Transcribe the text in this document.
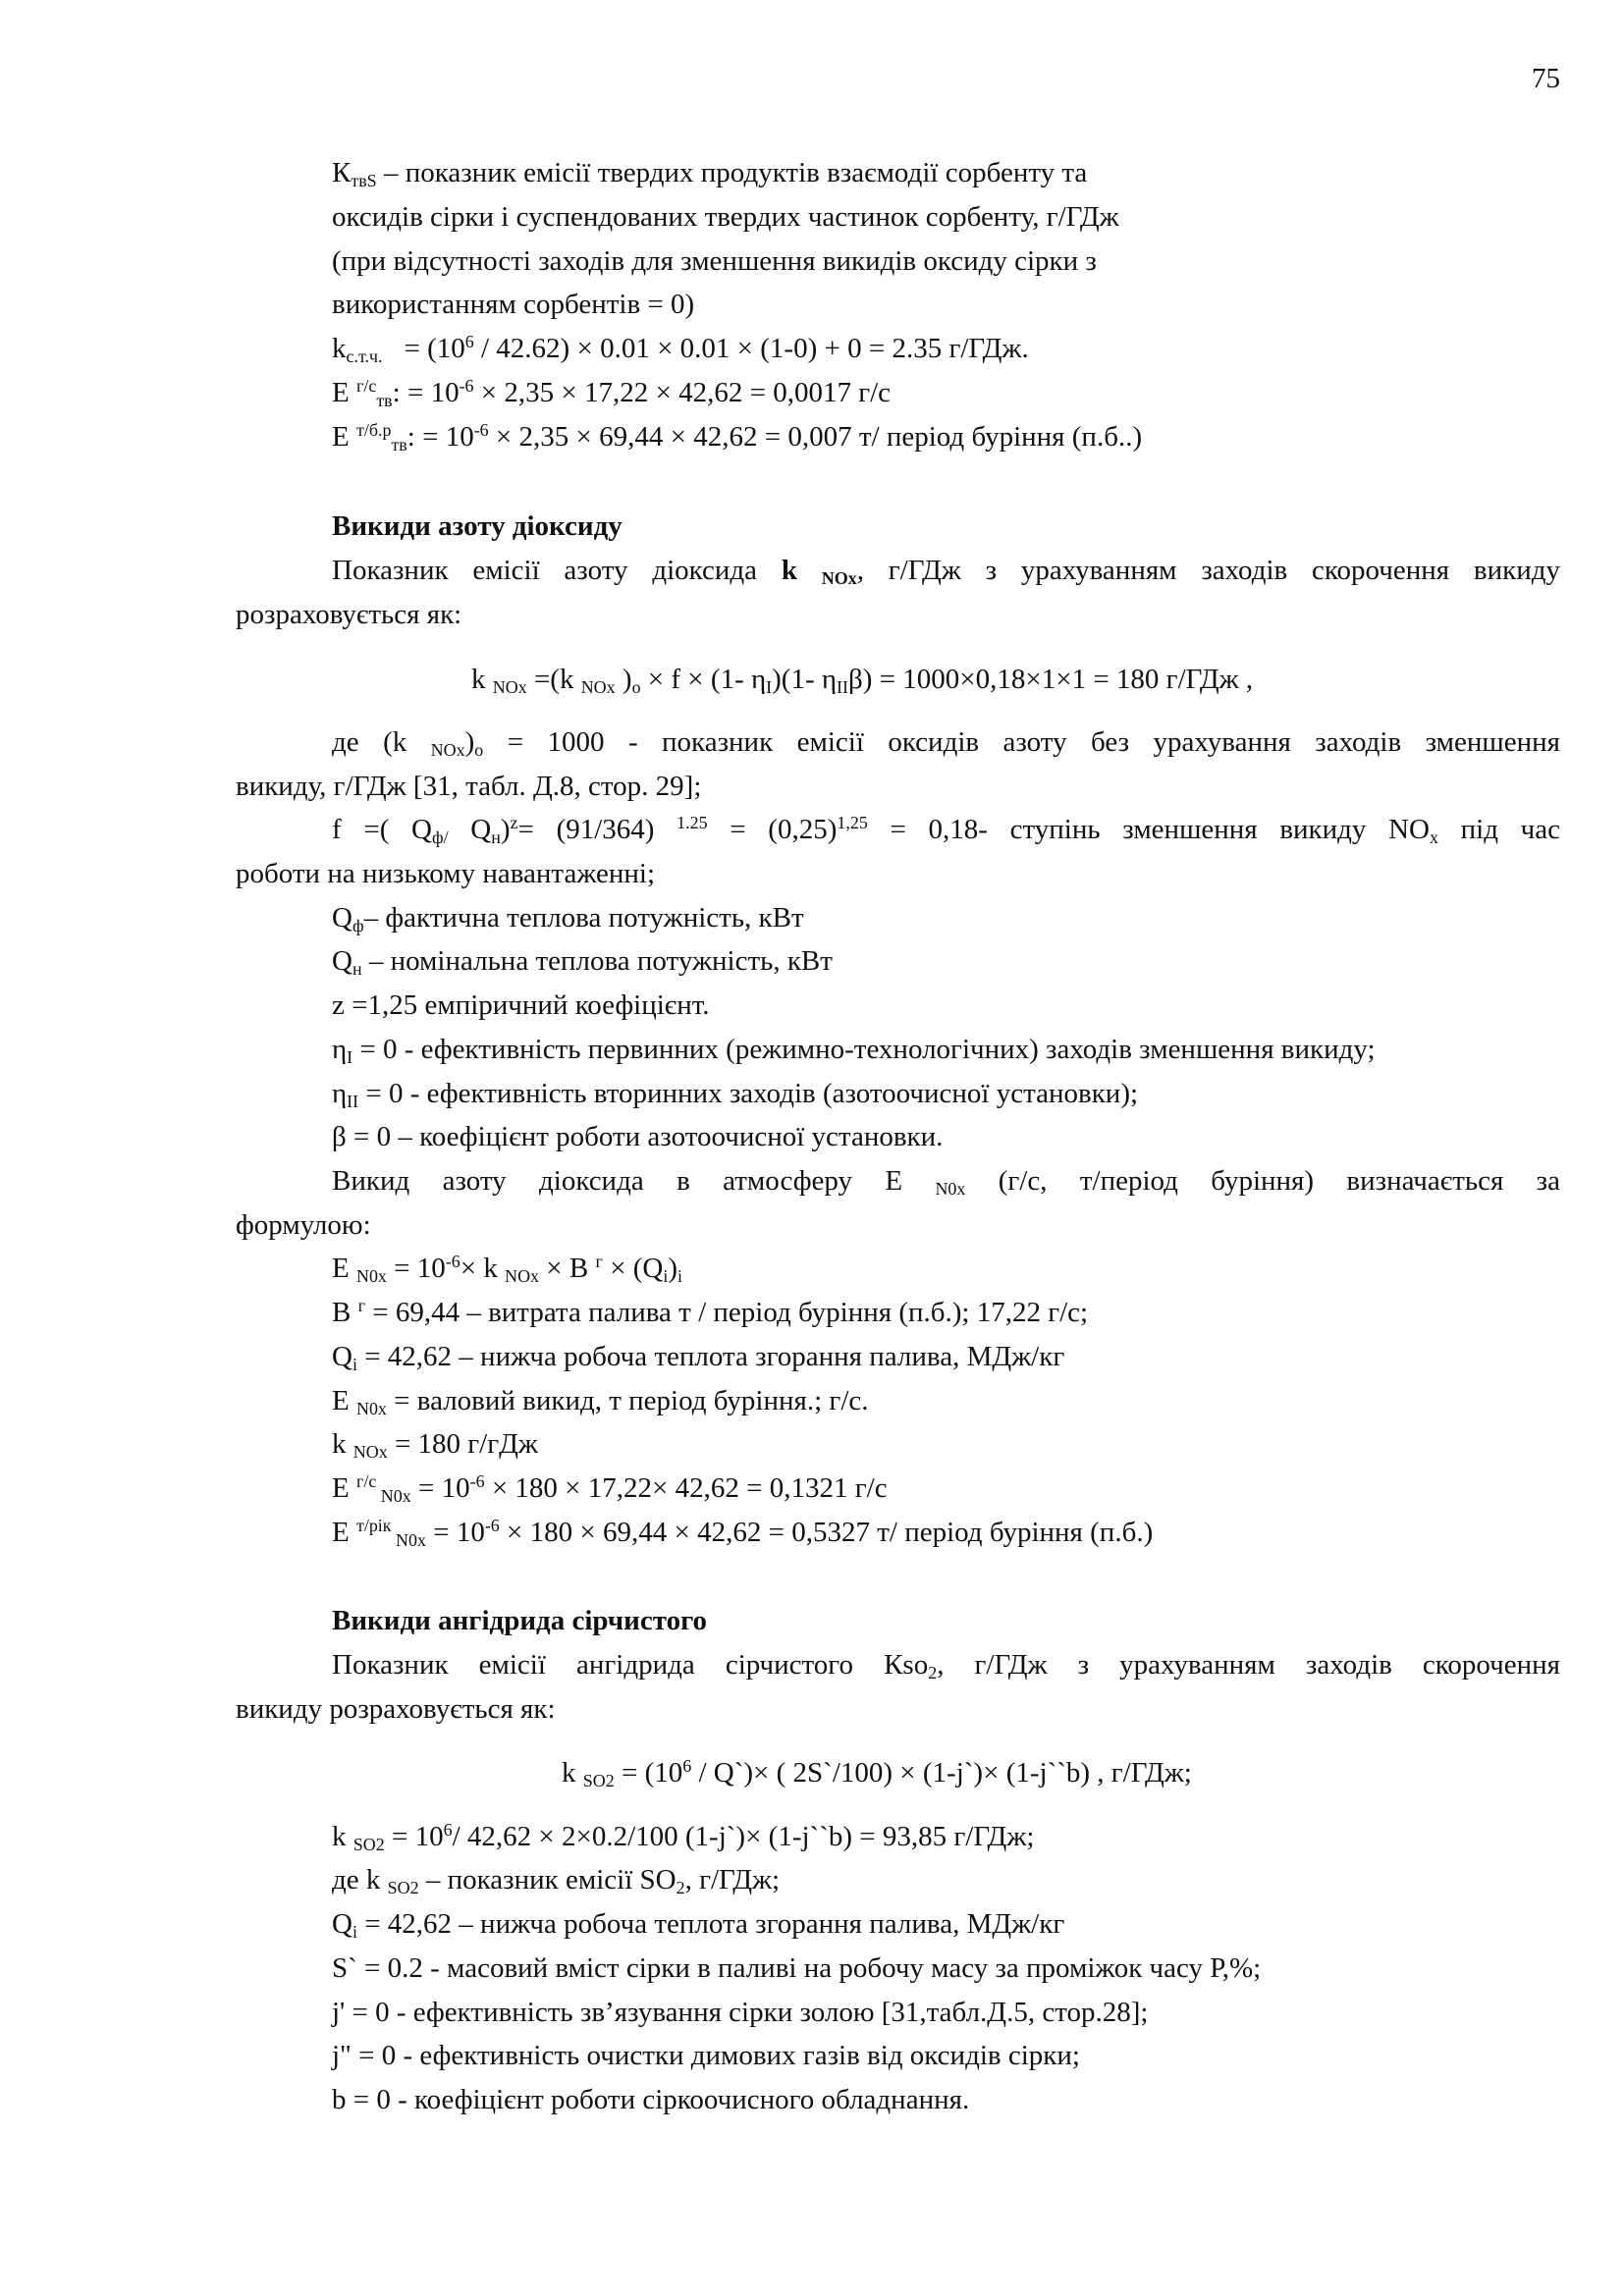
75
$К_{твS}$ – показник емісії твердих продуктів взаємодії сорбенту та
оксидів сірки і суспендованих твердих частинок сорбенту, г/ГДж
(при відсутності заходів для зменшення викидів оксиду сірки з
використанням сорбентів = 0)
$k_{с.т.ч.} = (10^6 / 42.62) \times 0.01 \times 0.01 \times (1-0) + 0 = 2.35$ г/ГДж.
Е $^{г/с}_{тв}$: = $10^{-6} \times 2,35 \times 17,22 \times 42,62 = 0,0017$ г/с
Е $^{т/б.р}_{тв}$: = $10^{-6} \times 2,35 \times 69,44 \times 42,62 = 0,007$ т/ період буріння (п.б..)
Викиди азоту діоксиду
Показник емісії азоту діоксида k $_{NOx}$, г/ГДж з урахуванням заходів скорочення викиду
розраховується як:
k $_{NOx}$ =(k $_{NOx}$ )$_o \times f \times (1-$ $\eta_I)(1-$ $\eta_{II}\beta) = 1000\times 0,18\times 1\times 1 = 180$ г/ГДж ,
де (k $_{NOx})_o = 1000$ - показник емісії оксидів азоту без урахування заходів зменшення
викиду, г/ГДж [31, табл. Д.8, стор. 29];
f =( $Q_{ф/}$ $Q_н)^z= (91/364)$ $^{1.25} = (0,25)^{1,25} = 0,18-$ ступінь зменшення викиду $NO_x$ під час
роботи на низькому навантаженні;
$Q_ф-$ фактична теплова потужність, кВт
$Q_н$ – номінальна теплова потужність, кВт
z =1,25 емпіричний коефіцієнт.
$\eta_I = 0$ - ефективність первинних (режимно-технологічних) заходів зменшення викиду;
$\eta_{II} = 0$ - ефективність вторинних заходів (азотоочисної установки);
β = 0 – коефіцієнт роботи азотоочисної установки.
Викид азоту діоксида в атмосферу Е $_{N0x}$ (г/с, т/період буріння) визначається за
формулою:
Е $_{N0x} = 10^{-6}\times k$ $_{NOx}$ × B $^г \times (Q_i)_i$
B $^г$ = 69,44 – витрата палива т / період буріння (п.б.); 17,22 г/с;
$Q_i = 42,62$ – нижча робоча теплота згорання палива, МДж/кг
Е $_{N0x}$ = валовий викид, т період буріння.; г/с.
k $_{NOx}$ = 180 г/гДж
Е $^{г/с}$ $_{N0x} = 10^{-6} \times 180 \times 17,22\times 42,62 = 0,1321$ г/с
Е $^{т/рік}$ $_{N0x} = 10^{-6} \times 180 \times 69,44 \times 42,62 = 0,5327$ т/ період буріння (п.б.)
Викиди ангідрида сірчистого
Показник емісії ангідрида сірчистого Кso$_2$, г/ГДж з урахуванням заходів скорочення
викиду розраховується як:
k $_{SO2} = (10^6$ / Q`)× ( 2S`/100) × (1-j`)× (1-j``b) , г/ГДж;
k $_{SO2} = 10^6/$ 42,62 × 2×0.2/100 (1-j`)× (1-j``b) = 93,85 г/ГДж;
де k $_{SO2}$ – показник емісії $SO_2$, г/ГДж;
$Q_i = 42,62$ – нижча робоча теплота згорання палива, МДж/кг
S` = 0.2 - масовий вміст сірки в паливі на робочу масу за проміжок часу Р,%;
j' = 0 - ефективність зв’язування сірки золою [31,табл.Д.5, стор.28];
j" = 0 - ефективність очистки димових газів від оксидів сірки;
b = 0 - коефіцієнт роботи сіркоочисного обладнання.
